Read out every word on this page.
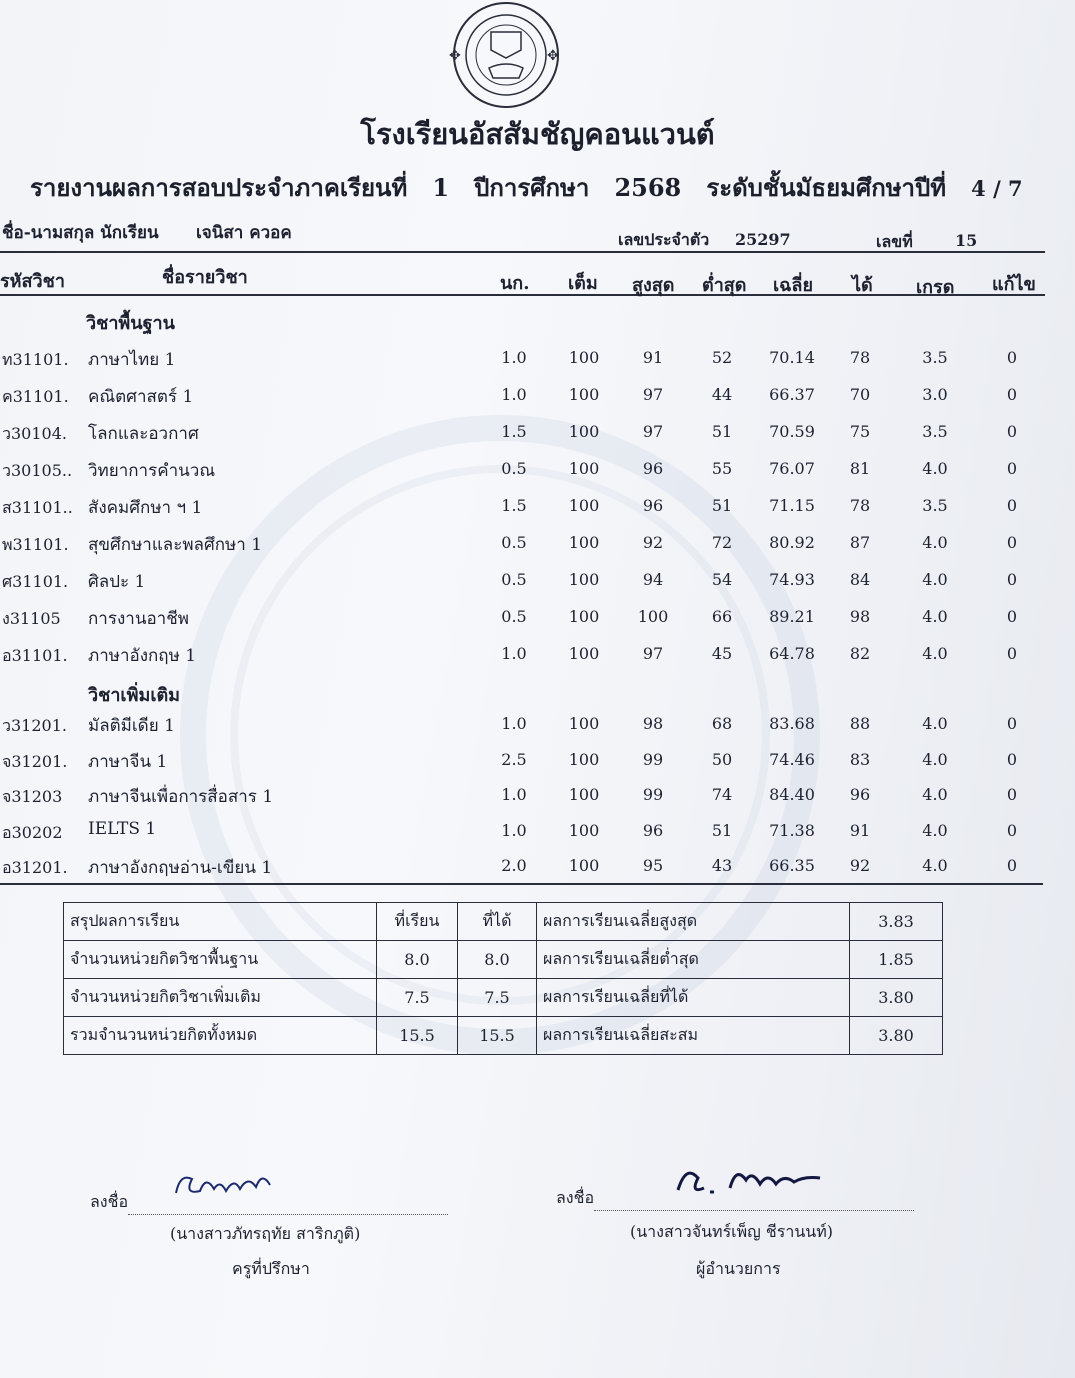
✥	✥
โรงเรียนอัสสัมชัญคอนแวนต์
รายงานผลการสอบประจำภาคเรียนที่ 1 ปีการศึกษา 2568 ระดับชั้นมัธยมศึกษาปีที่ 4 / 7
ชื่อ-นามสกุล นักเรียน เจนิสา ควอค	เลขประจำตัว 25297	เลขที่	15
รหัสวิชา	ชื่อรายวิชา	นก. เต็ม สูงสุด ต่ำสุด เฉลี่ย ได้ เกรด แก้ไข
วิชาพื้นฐาน
ท31101. ภาษาไทย 1	1.0	100	91	52	70.14	78	3.5	0
ค31101. คณิตศาสตร์ 1	1.0	100	97	44	66.37	70	3.0	0
ว30104. โลกและอวกาศ	1.5	100	97	51	70.59	75	3.5	0
ว30105.. วิทยาการคำนวณ	0.5	100	96	55	76.07	81	4.0	0
ส31101.. สังคมศึกษา ฯ 1	1.5	100	96	51	71.15	78	3.5	0
พ31101. สุขศึกษาและพลศึกษา 1	0.5	100	92	72	80.92	87	4.0	0
ศ31101. ศิลปะ 1	0.5	100	94	54	74.93	84	4.0	0
ง31105 การงานอาชีพ	0.5	100	100	66	89.21	98	4.0	0
อ31101. ภาษาอังกฤษ 1	1.0	100	97	45	64.78	82	4.0	0
วิชาเพิ่มเติม
ว31201. มัลติมีเดีย 1	1.0	100	98	68	83.68	88	4.0	0
จ31201. ภาษาจีน 1	2.5	100	99	50	74.46	83	4.0	0
จ31203 ภาษาจีนเพื่อการสื่อสาร 1	1.0	100	99	74	84.40	96	4.0	0
อ30202 IELTS 1	1.0	100	96	51	71.38	91	4.0	0
อ31201. ภาษาอังกฤษอ่าน-เขียน 1	2.0	100	95	43	66.35	92	4.0	0
สรุปผลการเรียน	ที่เรียน	ที่ได้	ผลการเรียนเฉลี่ยสูงสุด	3.83
จำนวนหน่วยกิตวิชาพื้นฐาน	8.0	8.0	ผลการเรียนเฉลี่ยต่ำสุด	1.85
จำนวนหน่วยกิตวิชาเพิ่มเติม	7.5	7.5	ผลการเรียนเฉลี่ยที่ได้	3.80
รวมจำนวนหน่วยกิตทั้งหมด	15.5	15.5	ผลการเรียนเฉลี่ยสะสม	3.80
ลงชื่อ
(นางสาวภัทรฤทัย สาริกภูติ)
ครูที่ปรึกษา
ลงชื่อ
(นางสาวจันทร์เพ็ญ ชีรานนท์)
ผู้อำนวยการ
